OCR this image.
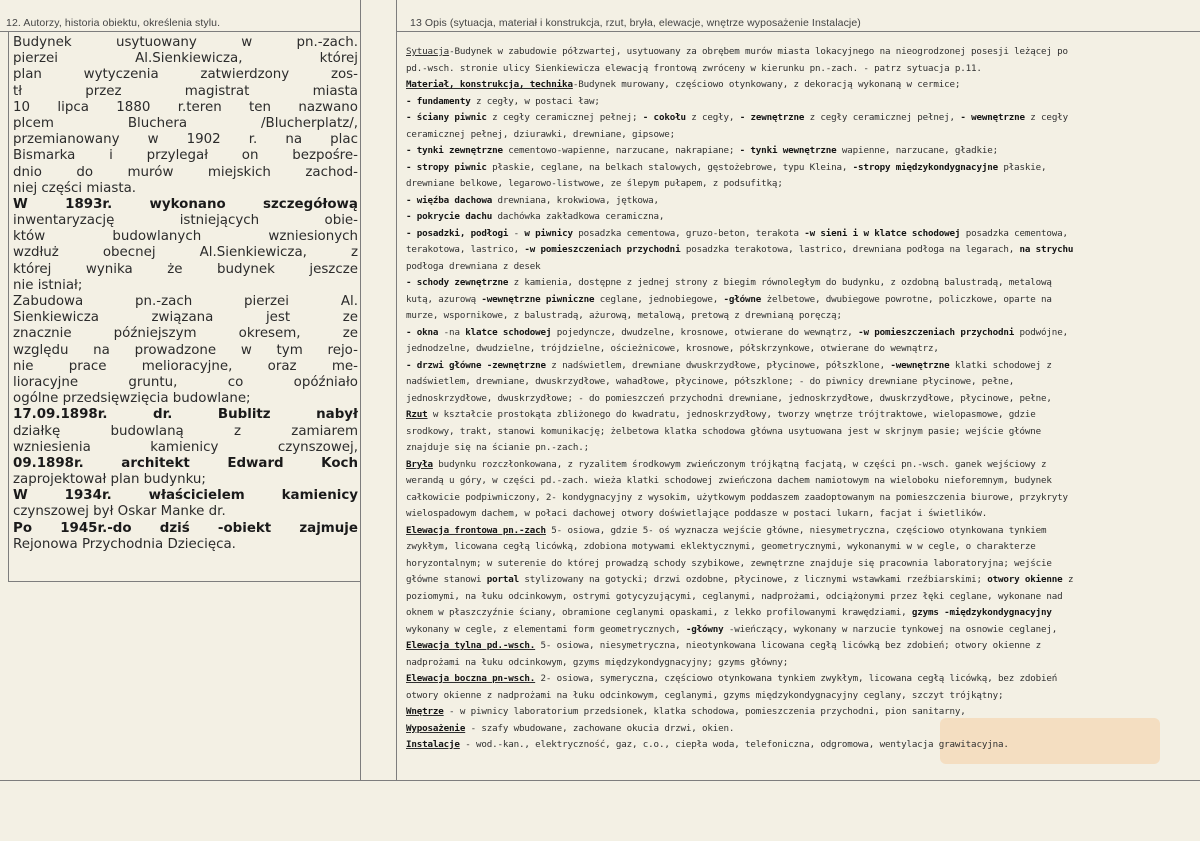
12. Autorzy, historia obiektu, określenia stylu.	13 Opis (sytuacja, materiał i konstrukcja, rzut, bryła, elewacje, wnętrze wyposażenie Instalacje)
Budynek	usytuowany	w	pn.-zach.
pierzei	Al.Sienkiewicza,	której
plan	wytyczenia	zatwierdzony	zos-
tł	przez	magistrat	miasta
10 lipca 1880 r.teren ten nazwano
plcem	Bluchera	/Blucherplatz/,
przemianowany w 1902 r. na plac
Bismarka	i	przylegał	on	bezpośre-
dnio	do	murów	miejskich	zachod-
niej części miasta.
W	1893r.	wykonano	szczegółową
inwentaryzację	istniejących	obie-
któw	budowlanych	wzniesionych
wzdłuż	obecnej	Al.Sienkiewicza,	z
której	wynika	że	budynek	jeszcze
nie istniał;
Zabudowa	pn.-zach	pierzei	Al.
Sienkiewicza	związana	jest	ze
znacznie	późniejszym	okresem,	ze
względu na prowadzone w tym rejo-
nie	prace	melioracyjne,	oraz	me-
lioracyjne	gruntu,	co	opóźniało
ogólne przedsięwzięcia budowlane;
17.09.1898r.	dr.	Bublitz	nabył
działkę	budowlaną	z	zamiarem
wzniesienia	kamienicy	czynszowej,
09.1898r.	architekt	Edward	Koch
zaprojektował plan budynku;
W	1934r.	właścicielem	kamienicy
czynszowej był Oskar Manke dr.
Po 1945r.-do dziś -obiekt zajmuje
Rejonowa Przychodnia Dziecięca.
Sytuacja-Budynek w zabudowie półzwartej, usytuowany za obrębem murów miasta lokacyjnego na nieogrodzonej posesji leżącej po
pd.-wsch. stronie ulicy Sienkiewicza elewacją frontową zwróceny w kierunku pn.-zach. - patrz sytuacja p.11.
Materiał, konstrukcja, technika-Budynek murowany, częściowo otynkowany, z dekoracją wykonaną w cermice;
- fundamenty z cegły, w postaci ław;
- ściany piwnic z cegły ceramicznej pełnej; - cokołu z cegły, - zewnętrzne z cegły ceramicznej pełnej, - wewnętrzne z cegły
ceramicznej pełnej, dziurawki, drewniane, gipsowe;
- tynki zewnętrzne cementowo-wapienne, narzucane, nakrapiane; - tynki wewnętrzne wapienne, narzucane, gładkie;
- stropy piwnic płaskie, ceglane, na belkach stalowych, gęstożebrowe, typu Kleina, -stropy międzykondygnacyjne płaskie,
drewniane belkowe, legarowo-listwowe, ze ślepym pułapem, z podsufitką;
- więźba dachowa drewniana, krokwiowa, jętkowa,
- pokrycie dachu dachówka zakładkowa ceramiczna,
- posadzki, podłogi - w piwnicy posadzka cementowa, gruzo-beton, terakota -w sieni i w klatce schodowej posadzka cementowa,
terakotowa, lastrico, -w pomieszczeniach przychodni posadzka terakotowa, lastrico, drewniana podłoga na legarach, na strychu
podłoga drewniana z desek
- schody zewnętrzne z kamienia, dostępne z jednej strony z biegim równoległym do budynku, z ozdobną balustradą, metalową
kutą, azurową -wewnętrzne piwniczne ceglane, jednobiegowe, -główne żelbetowe, dwubiegowe powrotne, policzkowe, oparte na
murze, wspornikowe, z balustradą, ażurową, metalową, pretową z drewnianą poręczą;
- okna -na klatce schodowej pojedyncze, dwudzelne, krosnowe, otwierane do wewnątrz, -w pomieszczeniach przychodni podwójne,
jednodzelne, dwudzielne, trójdzielne, ościeżnicowe, krosnowe, półskrzynkowe, otwierane do wewnątrz,
- drzwi główne -zewnętrzne z nadświetlem, drewniane dwuskrzydłowe, płycinowe, półszklone, -wewnętrzne klatki schodowej z
nadświetlem, drewniane, dwuskrzydłowe, wahadłowe, płycinowe, półszklone; - do piwnicy drewniane płycinowe, pełne,
jednoskrzydłowe, dwuskrzydłowe; - do pomieszczeń przychodni drewniane, jednoskrzydłowe, dwuskrzydłowe, płycinowe, pełne,
Rzut w kształcie prostokąta zbliżonego do kwadratu, jednoskrzydłowy, tworzy wnętrze trójtraktowe, wielopasmowe, gdzie
srodkowy, trakt, stanowi komunikację; żelbetowa klatka schodowa główna usytuowana jest w skrjnym pasie; wejście główne
znajduje się na ścianie pn.-zach.;
Bryła budynku rozczłonkowana, z ryzalitem środkowym zwieńczonym trójkątną facjatą, w części pn.-wsch. ganek wejściowy z
werandą u góry, w części pd.-zach. wieża klatki schodowej zwieńczona dachem namiotowym na wieloboku nieforemnym, budynek
całkowicie podpiwniczony, 2- kondygnacyjny z wysokim, użytkowym poddaszem zaadoptowanym na pomieszczenia biurowe, przykryty
wielospadowym dachem, w połaci dachowej otwory doświetlające poddasze w postaci lukarn, facjat i świetlików.
Elewacja frontowa pn.-zach 5- osiowa, gdzie 5- oś wyznacza wejście główne, niesymetryczna, częściowo otynkowana tynkiem
zwykłym, licowana cegłą licówką, zdobiona motywami eklektycznymi, geometrycznymi, wykonanymi w w cegle, o charakterze
horyzontalnym; w suterenie do której prowadzą schody szybikowe, zewnętrzne znajduje się pracownia laboratoryjna; wejście
główne stanowi portal stylizowany na gotycki; drzwi ozdobne, płycinowe, z licznymi wstawkami rzeźbiarskimi; otwory okienne z
poziomymi, na łuku odcinkowym, ostrymi gotycyzującymi, ceglanymi, nadprożami, odciążonymi przez łęki ceglane, wykonane nad
oknem w płaszczyźnie ściany, obramione ceglanymi opaskami, z lekko profilowanymi krawędziami, gzyms -międzykondygnacyjny
wykonany w cegle, z elementami form geometrycznych, -główny -wieńczący, wykonany w narzucie tynkowej na osnowie ceglanej,
Elewacja tylna pd.-wsch. 5- osiowa, niesymetryczna, nieotynkowana licowana cegłą licówką bez zdobień; otwory okienne z
nadprożami na łuku odcinkowym, gzyms międzykondygnacyjny; gzyms główny;
Elewacja boczna pn-wsch. 2- osiowa, symeryczna, częściowo otynkowana tynkiem zwykłym, licowana cegłą licówką, bez zdobień
otwory okienne z nadprożami na łuku odcinkowym, ceglanymi, gzyms międzykondygnacyjny ceglany, szczyt trójkątny;
Wnętrze - w piwnicy laboratorium przedsionek, klatka schodowa, pomieszczenia przychodni, pion sanitarny,
Wyposażenie - szafy wbudowane, zachowane okucia drzwi, okien.
Instalacje - wod.-kan., elektryczność, gaz, c.o., ciepła woda, telefoniczna, odgromowa, wentylacja grawitacyjna.
